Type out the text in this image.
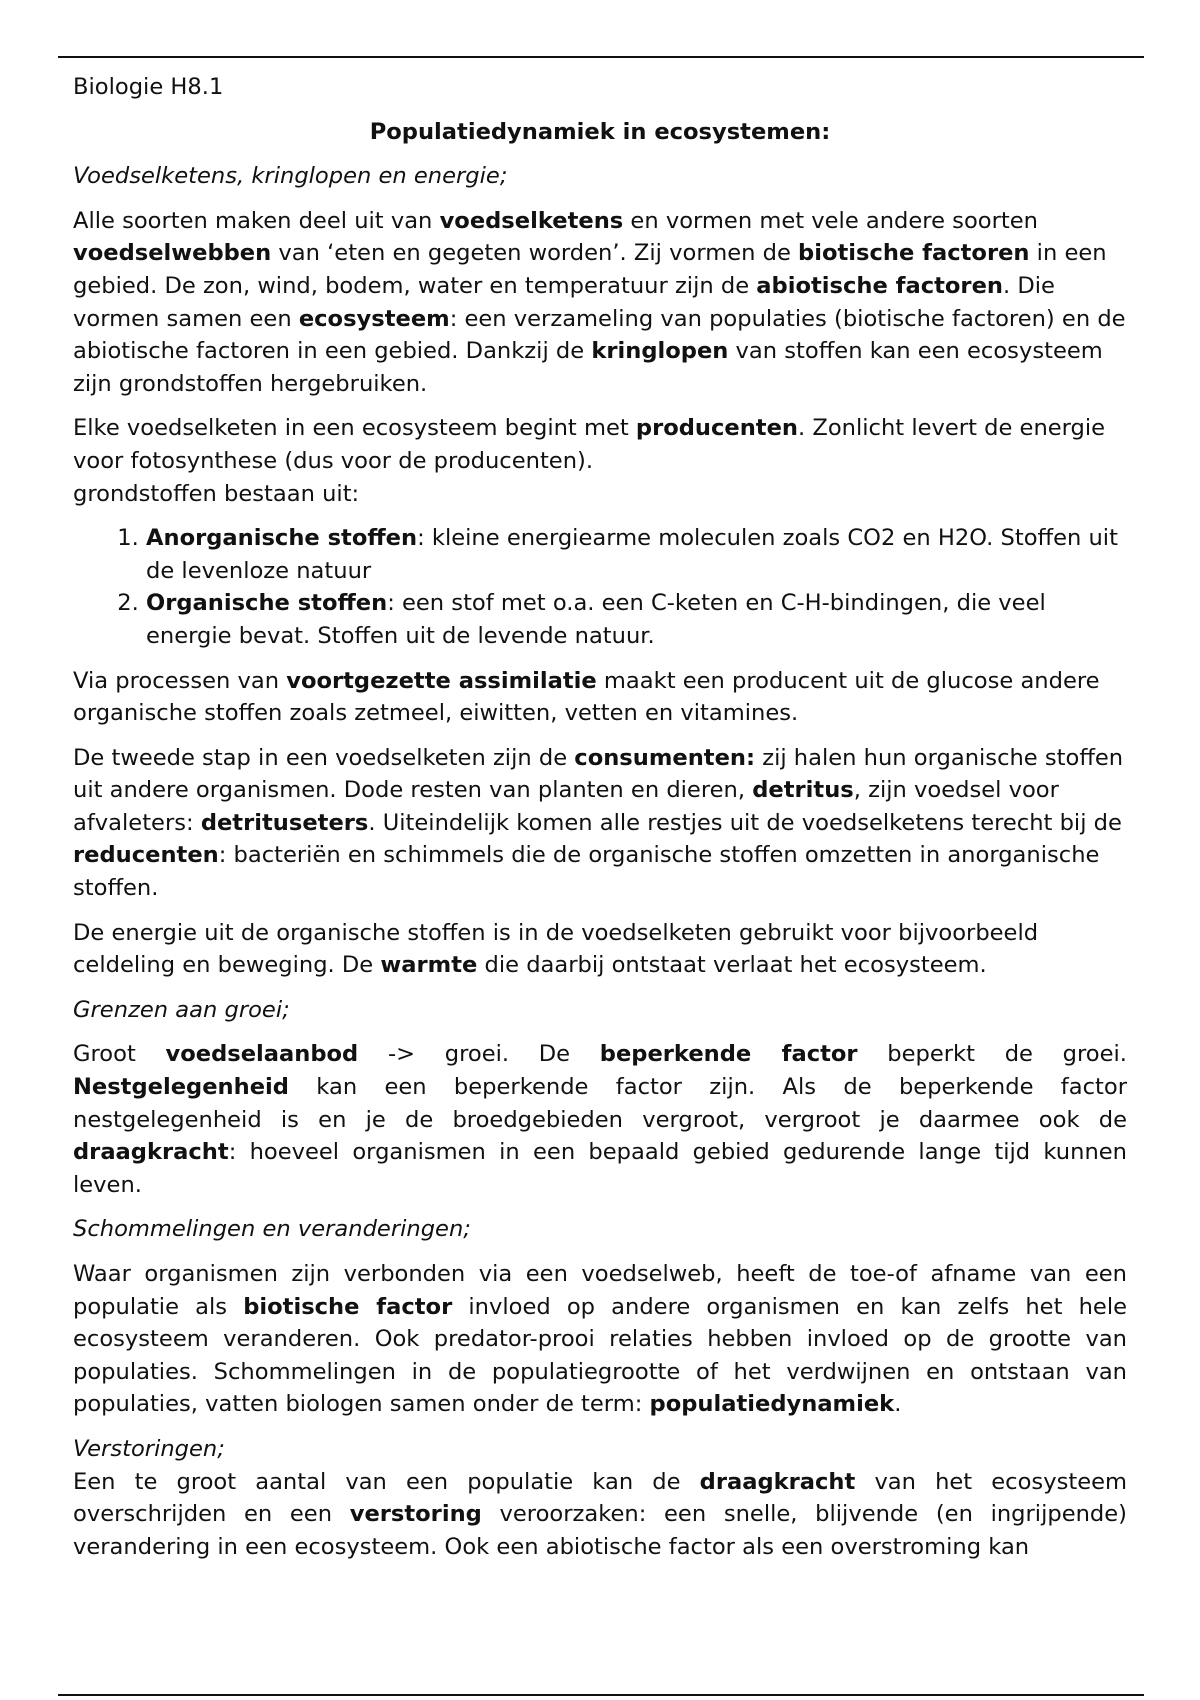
Biologie H8.1
Populatiedynamiek in ecosystemen:
Voedselketens, kringlopen en energie;

Alle soorten maken deel uit van voedselketens en vormen met vele andere soorten voedselwebben van ‘eten en gegeten worden’. Zij vormen de biotische factoren in een gebied. De zon, wind, bodem, water en temperatuur zijn de abiotische factoren. Die vormen samen een ecosysteem: een verzameling van populaties (biotische factoren) en de abiotische factoren in een gebied. Dankzij de kringlopen van stoffen kan een ecosysteem zijn grondstoffen hergebruiken.

Elke voedselketen in een ecosysteem begint met producenten. Zonlicht levert de energie voor fotosynthese (dus voor de producenten).
grondstoffen bestaan uit:

1. Anorganische stoffen: kleine energiearme moleculen zoals CO2 en H2O. Stoffen uit de levenloze natuur
2. Organische stoffen: een stof met o.a. een C-keten en C-H-bindingen, die veel energie bevat. Stoffen uit de levende natuur.

Via processen van voortgezette assimilatie maakt een producent uit de glucose andere organische stoffen zoals zetmeel, eiwitten, vetten en vitamines.

De tweede stap in een voedselketen zijn de consumenten: zij halen hun organische stoffen uit andere organismen. Dode resten van planten en dieren, detritus, zijn voedsel voor afvaleters: detrituseters. Uiteindelijk komen alle restjes uit de voedselketens terecht bij de reducenten: bacteriën en schimmels die de organische stoffen omzetten in anorganische stoffen.

De energie uit de organische stoffen is in de voedselketen gebruikt voor bijvoorbeeld celdeling en beweging. De warmte die daarbij ontstaat verlaat het ecosysteem.

Grenzen aan groei;

Groot voedselaanbod -> groei. De beperkende factor beperkt de groei. Nestgelegenheid kan een beperkende factor zijn. Als de beperkende factor nestgelegenheid is en je de broedgebieden vergroot, vergroot je daarmee ook de draagkracht: hoeveel organismen in een bepaald gebied gedurende lange tijd kunnen leven.

Schommelingen en veranderingen;

Waar organismen zijn verbonden via een voedselweb, heeft de toe-of afname van een populatie als biotische factor invloed op andere organismen en kan zelfs het hele ecosysteem veranderen. Ook predator-prooi relaties hebben invloed op de grootte van populaties. Schommelingen in de populatiegrootte of het verdwijnen en ontstaan van populaties, vatten biologen samen onder de term: populatiedynamiek.

Verstoringen;

Een te groot aantal van een populatie kan de draagkracht van het ecosysteem overschrijden en een verstoring veroorzaken: een snelle, blijvende (en ingrijpende) verandering in een ecosysteem. Ook een abiotische factor als een overstroming kan
